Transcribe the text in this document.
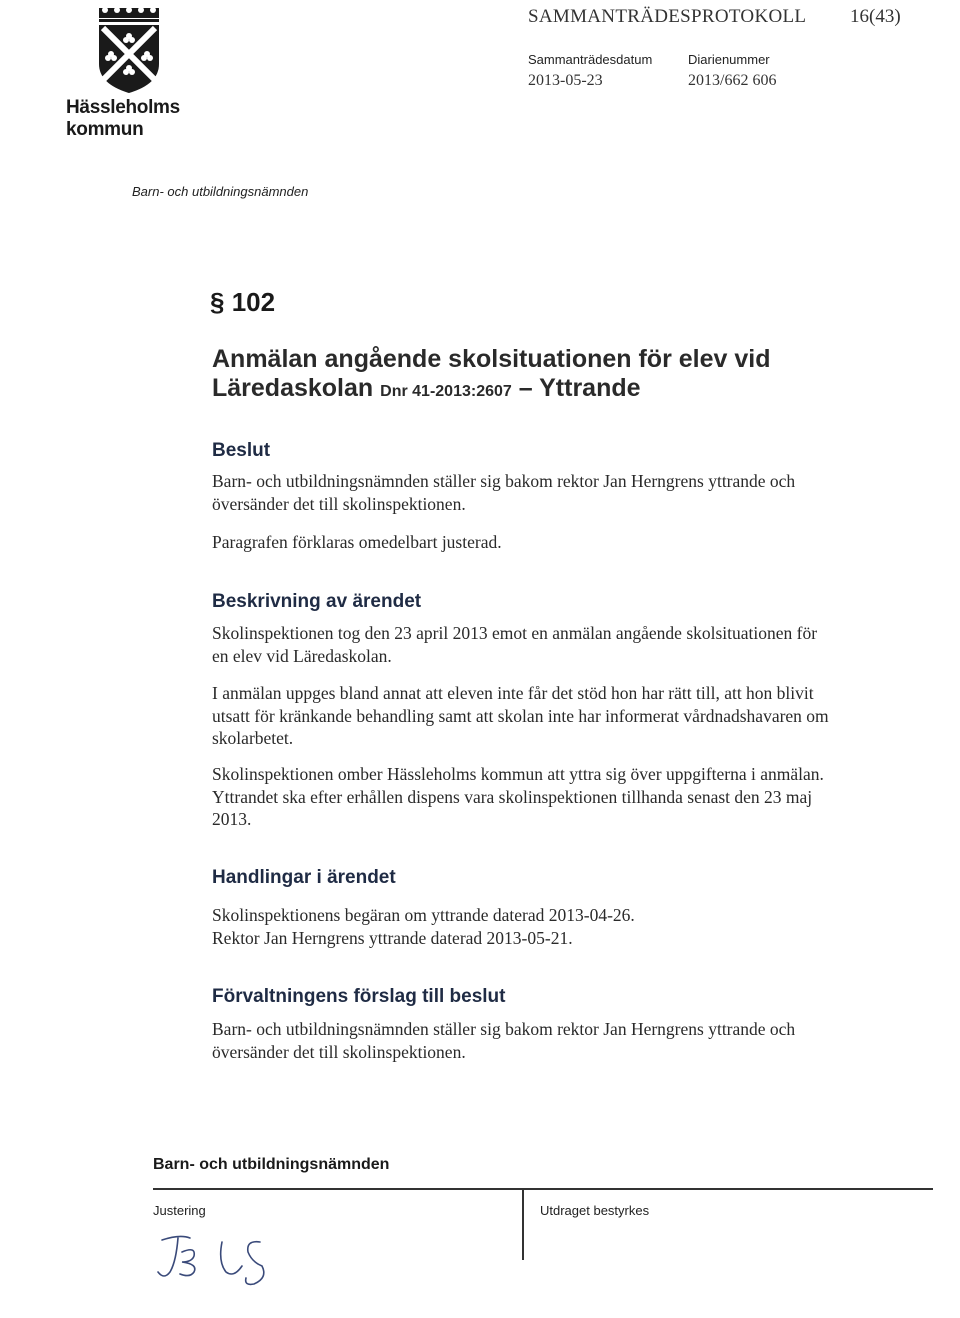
Hässleholms kommun
SAMMANTRÄDESPROTOKOLL 16(43)
Sammanträdesdatum
2013-05-23
Diarienummer
2013/662 606
Barn- och utbildningsnämnden
§ 102
Anmälan angående skolsituationen för elev vid
Läredaskolan Dnr 41-2013:2607 – Yttrande
Beslut
Barn- och utbildningsnämnden ställer sig bakom rektor Jan Herngrens yttrande och översänder det till skolinspektionen.
Paragrafen förklaras omedelbart justerad.
Beskrivning av ärendet
Skolinspektionen tog den 23 april 2013 emot en anmälan angående skolsituationen för en elev vid Läredaskolan.
I anmälan uppges bland annat att eleven inte får det stöd hon har rätt till, att hon blivit utsatt för kränkande behandling samt att skolan inte har informerat vårdnadshavaren om skolarbetet.
Skolinspektionen omber Hässleholms kommun att yttra sig över uppgifterna i anmälan. Yttrandet ska efter erhållen dispens vara skolinspektionen tillhanda senast den 23 maj 2013.
Handlingar i ärendet
Skolinspektionens begäran om yttrande daterad 2013-04-26.
Rektor Jan Herngrens yttrande daterad 2013-05-21.
Förvaltningens förslag till beslut
Barn- och utbildningsnämnden ställer sig bakom rektor Jan Herngrens yttrande och översänder det till skolinspektionen.
Barn- och utbildningsnämnden
Justering	Utdraget bestyrkes
